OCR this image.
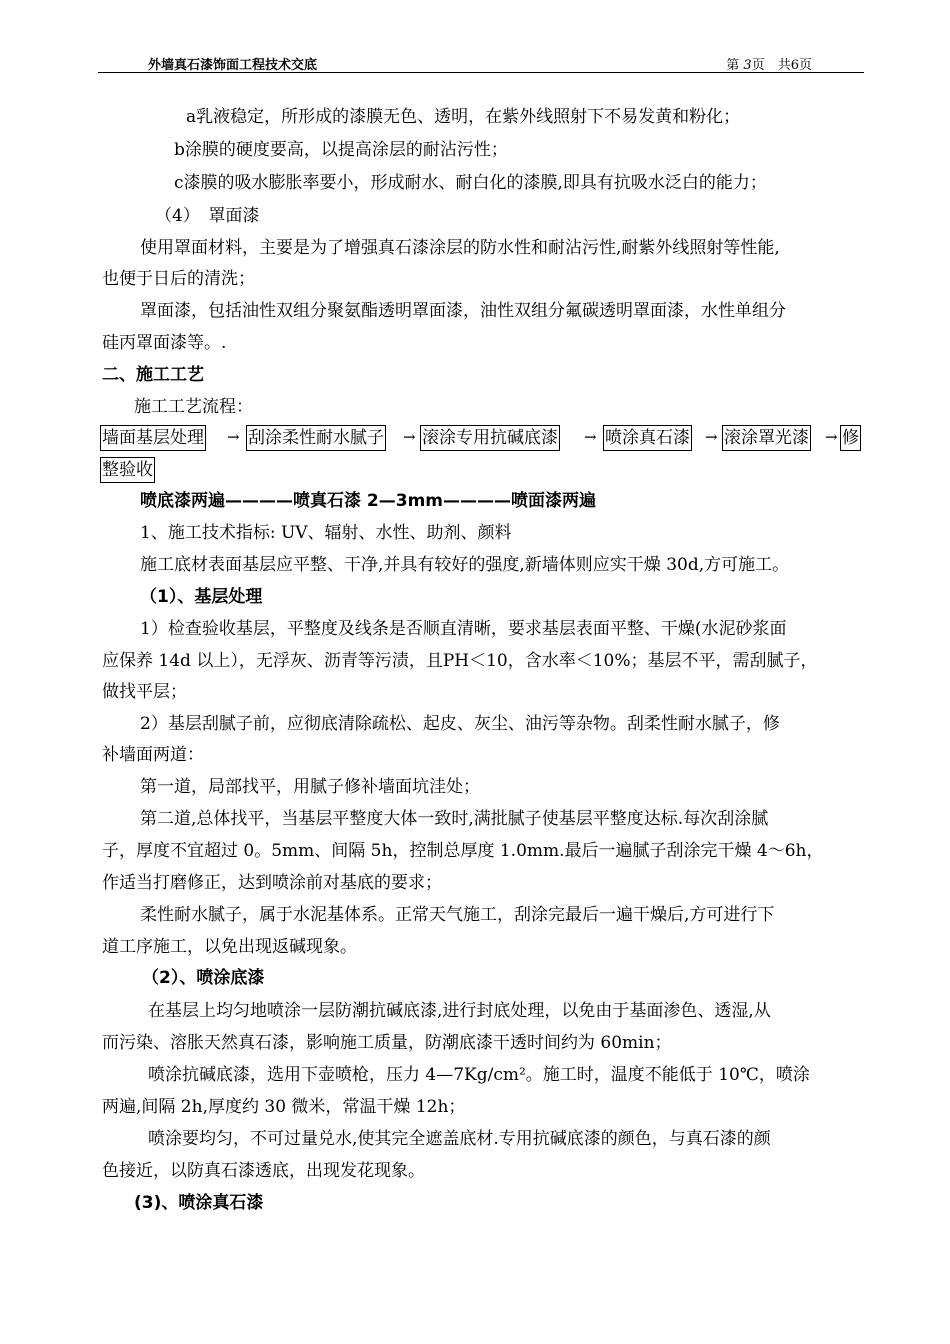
外墙真石漆饰面工程技术交底	第 3页　 共6页
a乳液稳定，所形成的漆膜无色、透明，在紫外线照射下不易发黄和粉化；
b涂膜的硬度要高，以提高涂层的耐沾污性；
c漆膜的吸水膨胀率要小，形成耐水、耐白化的漆膜,即具有抗吸水泛白的能力；
（4）　罩面漆
使用罩面材料，主要是为了增强真石漆涂层的防水性和耐沾污性,耐紫外线照射等性能,
也便于日后的清洗；
罩面漆，包括油性双组分聚氨酯透明罩面漆，油性双组分氟碳透明罩面漆，水性单组分
硅丙罩面漆等。.
二、施工工艺
施工工艺流程：
墙面基层处理 → 刮涂柔性耐水腻子 → 滚涂专用抗碱底漆 → 喷涂真石漆 → 滚涂罩光漆 → 修
整验收
喷底漆两遍————喷真石漆 2—3mm————喷面漆两遍
1、施工技术指标: UV、辐射、水性、助剂、颜料
施工底材表面基层应平整、干净,并具有较好的强度,新墙体则应实干燥 30d,方可施工。
（1）、基层处理
1）检查验收基层，平整度及线条是否顺直清晰，要求基层表面平整、干燥(水泥砂浆面
应保养 14d 以上），无浮灰、沥青等污渍，且PH＜10，含水率＜10%；基层不平，需刮腻子，
做找平层；
2）基层刮腻子前，应彻底清除疏松、起皮、灰尘、油污等杂物。刮柔性耐水腻子，修
补墙面两道：
第一道，局部找平，用腻子修补墙面坑洼处；
第二道,总体找平，当基层平整度大体一致时,满批腻子使基层平整度达标.每次刮涂腻
子，厚度不宜超过 0。5mm、间隔 5h，控制总厚度 1.0mm.最后一遍腻子刮涂完干燥 4～6h，
作适当打磨修正，达到喷涂前对基底的要求；
柔性耐水腻子，属于水泥基体系。正常天气施工，刮涂完最后一遍干燥后,方可进行下
道工序施工，以免出现返碱现象。
（2）、喷涂底漆
在基层上均匀地喷涂一层防潮抗碱底漆,进行封底处理，以免由于基面渗色、透湿,从
而污染、溶胀天然真石漆，影响施工质量，防潮底漆干透时间约为 60min；
喷涂抗碱底漆，选用下壶喷枪，压力 4—7Kg/cm²。施工时，温度不能低于 10℃，喷涂
两遍,间隔 2h,厚度约 30 微米，常温干燥 12h；
喷涂要均匀，不可过量兑水,使其完全遮盖底材.专用抗碱底漆的颜色，与真石漆的颜
色接近，以防真石漆透底，出现发花现象。
(3)、喷涂真石漆
